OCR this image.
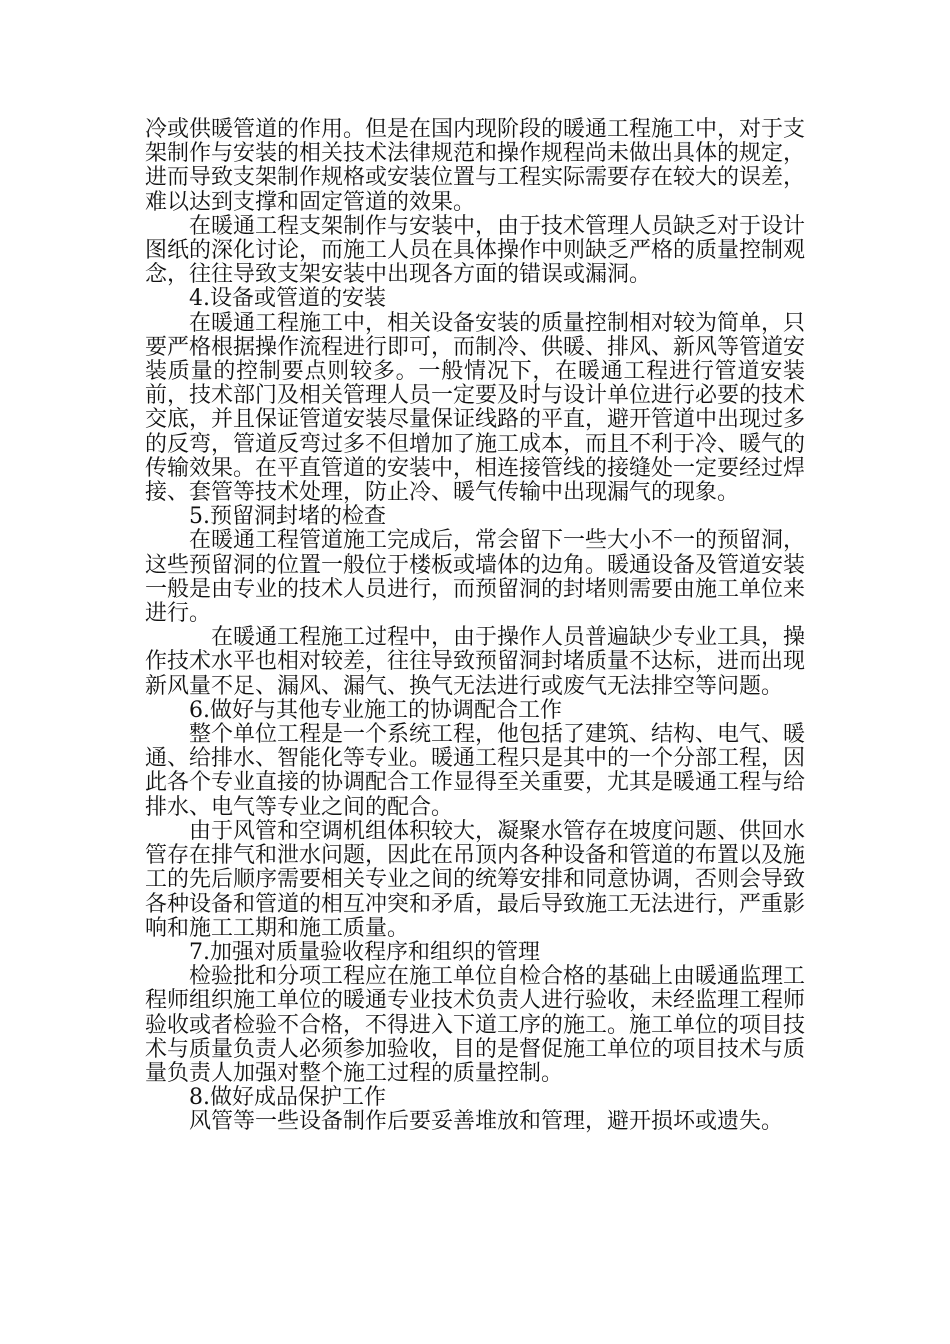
冷或供暖管道的作用。但是在国内现阶段的暖通工程施工中，对于支架制作与安装的相关技术法律规范和操作规程尚未做出具体的规定，进而导致支架制作规格或安装位置与工程实际需要存在较大的误差，难以达到支撑和固定管道的效果。

在暖通工程支架制作与安装中，由于技术管理人员缺乏对于设计图纸的深化讨论，而施工人员在具体操作中则缺乏严格的质量控制观念，往往导致支架安装中出现各方面的错误或漏洞。

4.设备或管道的安装

在暖通工程施工中，相关设备安装的质量控制相对较为简单，只要严格根据操作流程进行即可，而制冷、供暖、排风、新风等管道安装质量的控制要点则较多。一般情况下，在暖通工程进行管道安装前，技术部门及相关管理人员一定要及时与设计单位进行必要的技术交底，并且保证管道安装尽量保证线路的平直，避开管道中出现过多的反弯，管道反弯过多不但增加了施工成本，而且不利于冷、暖气的传输效果。在平直管道的安装中，相连接管线的接缝处一定要经过焊接、套管等技术处理，防止冷、暖气传输中出现漏气的现象。

5.预留洞封堵的检查

在暖通工程管道施工完成后，常会留下一些大小不一的预留洞，这些预留洞的位置一般位于楼板或墙体的边角。暖通设备及管道安装一般是由专业的技术人员进行，而预留洞的封堵则需要由施工单位来进行。

在暖通工程施工过程中，由于操作人员普遍缺少专业工具，操作技术水平也相对较差，往往导致预留洞封堵质量不达标，进而出现新风量不足、漏风、漏气、换气无法进行或废气无法排空等问题。

6.做好与其他专业施工的协调配合工作

整个单位工程是一个系统工程，他包括了建筑、结构、电气、暖通、给排水、智能化等专业。暖通工程只是其中的一个分部工程，因此各个专业直接的协调配合工作显得至关重要，尤其是暖通工程与给排水、电气等专业之间的配合。

由于风管和空调机组体积较大，凝聚水管存在坡度问题、供回水管存在排气和泄水问题，因此在吊顶内各种设备和管道的布置以及施工的先后顺序需要相关专业之间的统筹安排和同意协调，否则会导致各种设备和管道的相互冲突和矛盾，最后导致施工无法进行，严重影响和施工工期和施工质量。

7.加强对质量验收程序和组织的管理

检验批和分项工程应在施工单位自检合格的基础上由暖通监理工程师组织施工单位的暖通专业技术负责人进行验收，未经监理工程师验收或者检验不合格，不得进入下道工序的施工。施工单位的项目技术与质量负责人必须参加验收，目的是督促施工单位的项目技术与质量负责人加强对整个施工过程的质量控制。

8.做好成品保护工作

风管等一些设备制作后要妥善堆放和管理，避开损坏或遗失。
